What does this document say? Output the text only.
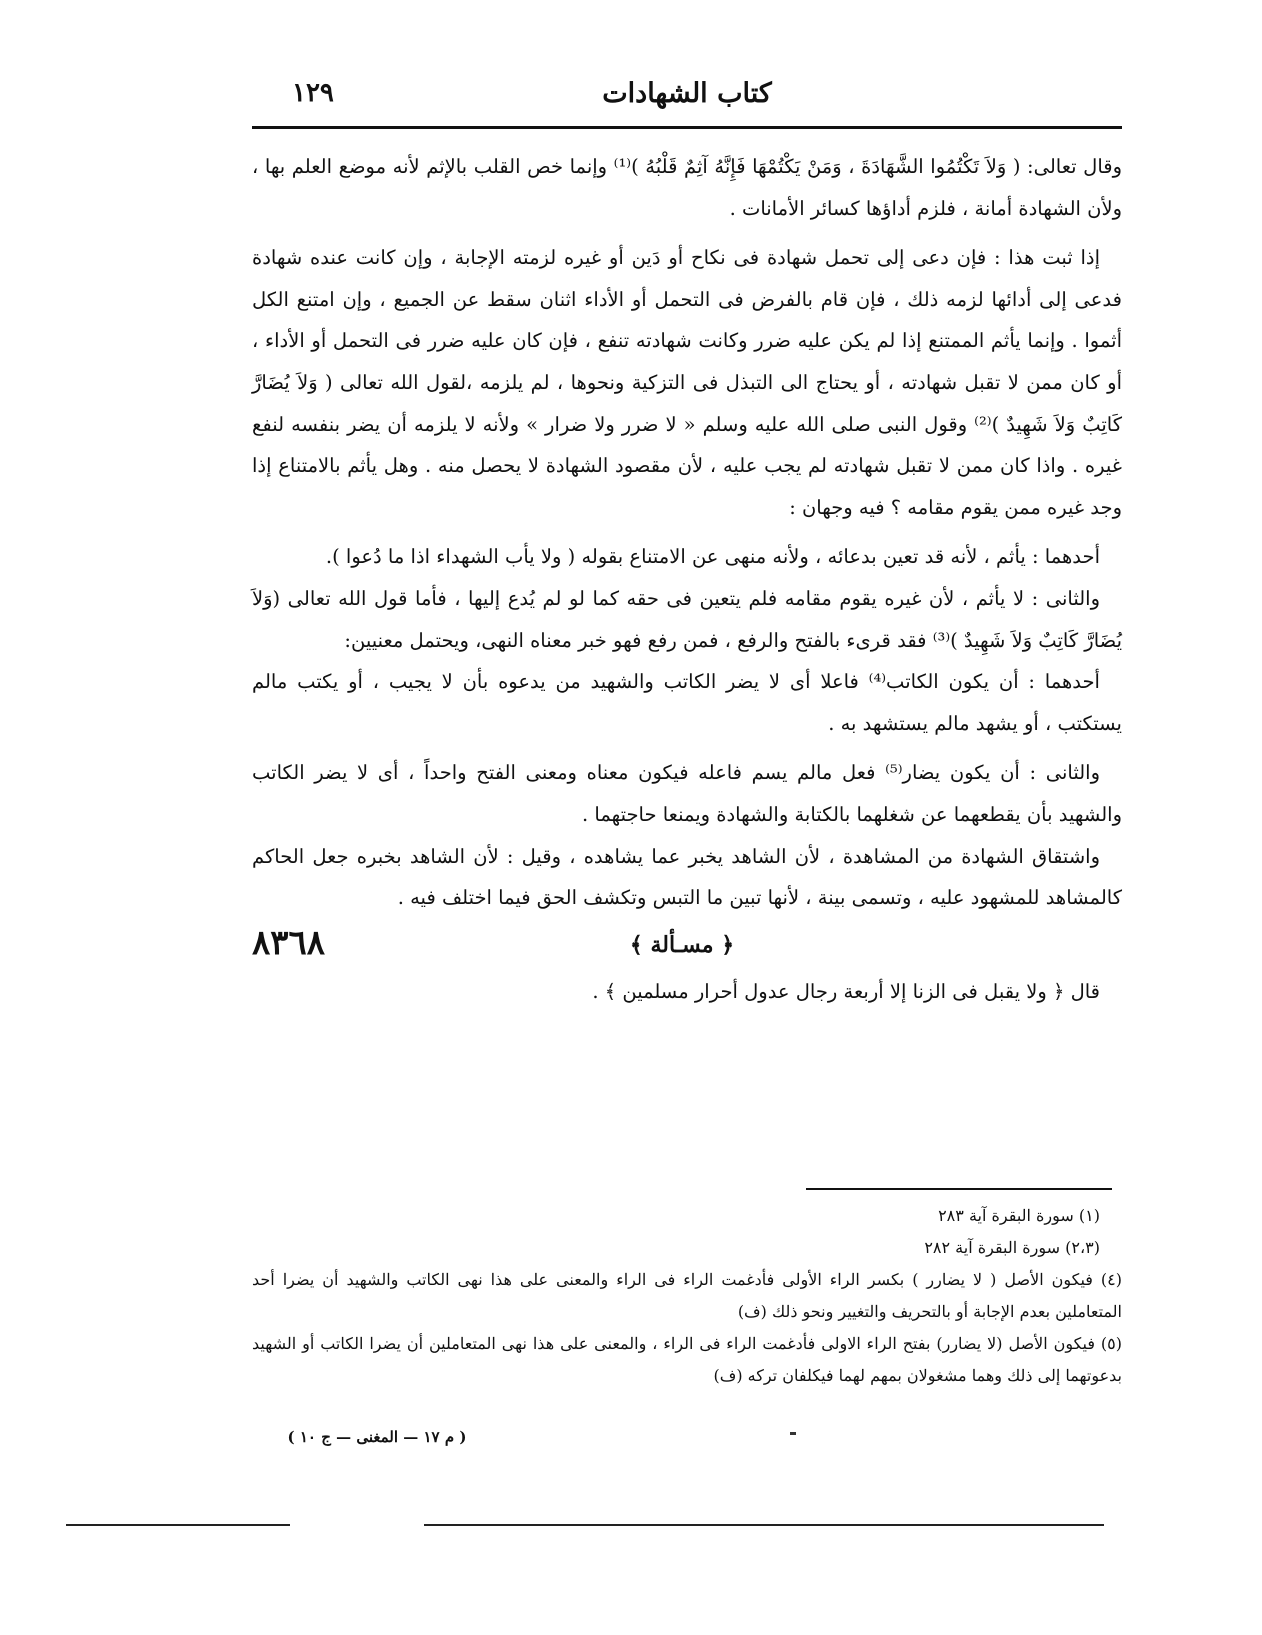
كتاب الشهادات
١٢٩

وقال تعالى: ( وَلاَ تَكْتُمُوا الشَّهَادَةَ ، وَمَنْ يَكْتُمْهَا فَإِنَّهُ آثِمٌ قَلْبُهُ )⁽¹⁾ وإنما خص القلب بالإثم لأنه موضع العلم بها ، ولأن الشهادة أمانة ، فلزم أداؤها كسائر الأمانات .

إذا ثبت هذا : فإن دعى إلى تحمل شهادة فى نكاح أو دَين أو غيره لزمته الإجابة ، وإن كانت عنده شهادة فدعى إلى أدائها لزمه ذلك ، فإن قام بالفرض فى التحمل أو الأداء اثنان سقط عن الجميع ، وإن امتنع الكل أثموا . وإنما يأثم الممتنع إذا لم يكن عليه ضرر وكانت شهادته تنفع ، فإن كان عليه ضرر فى التحمل أو الأداء ، أو كان ممن لا تقبل شهادته ، أو يحتاج الى التبذل فى التزكية ونحوها ، لم يلزمه ،لقول الله تعالى ( وَلاَ يُضَارَّ كَاتِبٌ وَلاَ شَهِيدٌ )⁽²⁾ وقول النبى صلى الله عليه وسلم « لا ضرر ولا ضرار » ولأنه لا يلزمه أن يضر بنفسه لنفع غيره . واذا كان ممن لا تقبل شهادته لم يجب عليه ، لأن مقصود الشهادة لا يحصل منه . وهل يأثم بالامتناع إذا وجد غيره ممن يقوم مقامه ؟ فيه وجهان :

أحدهما : يأثم ، لأنه قد تعين بدعائه ، ولأنه منهى عن الامتناع بقوله ( ولا يأب الشهداء اذا ما دُعوا ).

والثانى : لا يأثم ، لأن غيره يقوم مقامه فلم يتعين فى حقه كما لو لم يُدع إليها ، فأما قول الله تعالى (وَلاَ يُضَارَّ كَاتِبٌ وَلاَ شَهِيدٌ )⁽³⁾ فقد قرىء بالفتح والرفع ، فمن رفع فهو خبر معناه النهى، ويحتمل معنيين:

أحدهما : أن يكون الكاتب⁽⁴⁾ فاعلا أى لا يضر الكاتب والشهيد من يدعوه بأن لا يجيب ، أو يكتب مالم يستكتب ، أو يشهد مالم يستشهد به .

والثانى : أن يكون يضار⁽⁵⁾ فعل مالم يسم فاعله فيكون معناه ومعنى الفتح واحداً ، أى لا يضر الكاتب والشهيد بأن يقطعهما عن شغلهما بالكتابة والشهادة ويمنعا حاجتهما .

واشتقاق الشهادة من المشاهدة ، لأن الشاهد يخبر عما يشاهده ، وقيل : لأن الشاهد بخبره جعل الحاكم كالمشاهد للمشهود عليه ، وتسمى بينة ، لأنها تبين ما التبس وتكشف الحق فيما اختلف فيه .

٨٣٦٨	﴿ مسـألة ﴾

قال ﴿ ولا يقبل فى الزنا إلا أربعة رجال عدول أحرار مسلمين ﴾ .

(١) سورة البقرة آية ٢٨٣

(٢،٣) سورة البقرة آية ٢٨٢

(٤) فيكون الأصل ( لا يضارر ) بكسر الراء الأولى فأدغمت الراء فى الراء والمعنى على هذا نهى الكاتب والشهيد أن يضرا أحد المتعاملين بعدم الإجابة أو بالتحريف والتغيير ونحو ذلك (ف)

(٥) فيكون الأصل (لا يضارر) بفتح الراء الاولى فأدغمت الراء فى الراء ، والمعنى على هذا نهى المتعاملين أن يضرا الكاتب أو الشهيد بدعوتهما إلى ذلك وهما مشغولان بمهم لهما فيكلفان تركه (ف)

( م ١٧ — المغنى — ج ١٠ )
